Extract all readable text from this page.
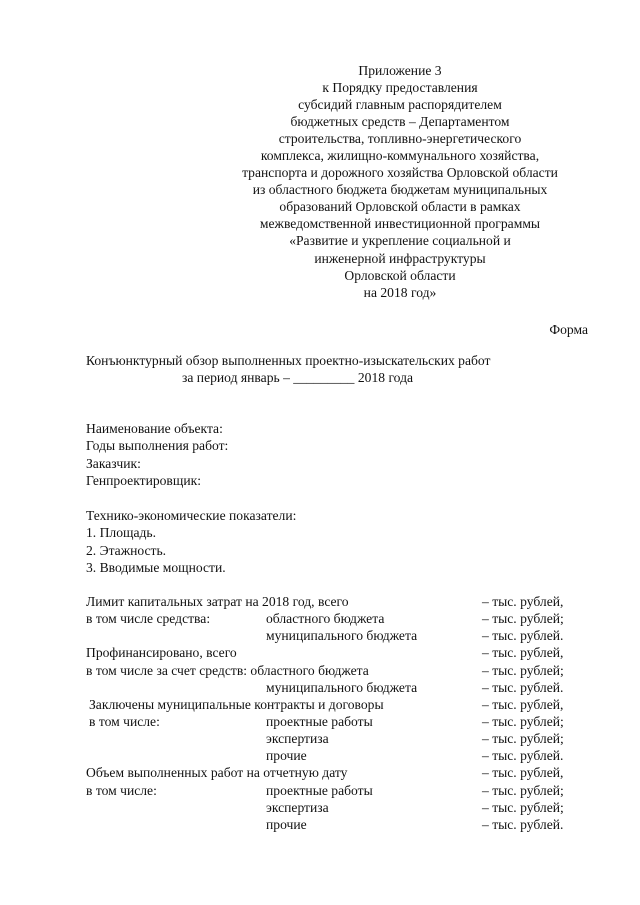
Приложение 3
к Порядку предоставления
субсидий главным распорядителем
бюджетных средств – Департаментом
строительства, топливно-энергетического
комплекса, жилищно-коммунального хозяйства,
транспорта и дорожного хозяйства Орловской области
из областного бюджета бюджетам муниципальных
образований Орловской области в рамках
межведомственной инвестиционной программы
«Развитие и укрепление социальной и
инженерной инфраструктуры
Орловской области
на 2018 год»
Форма
Конъюнктурный обзор выполненных проектно-изыскательских работ
за период январь – _________ 2018 года
Наименование объекта:
Годы выполнения работ:
Заказчик:
Генпроектировщик:
Технико-экономические показатели:
1. Площадь.
2. Этажность.
3. Вводимые мощности.
Лимит капитальных затрат на 2018 год, всего	– тыс. рублей,
в том числе средства:	областного бюджета	– тыс. рублей;
муниципального бюджета	– тыс. рублей.
Профинансировано, всего	– тыс. рублей,
в том числе за счет средств: областного бюджета	– тыс. рублей;
муниципального бюджета	– тыс. рублей.
Заключены муниципальные контракты и договоры	– тыс. рублей,
в том числе:	проектные работы	– тыс. рублей;
экспертиза	– тыс. рублей;
прочие	– тыс. рублей.
Объем выполненных работ на отчетную дату	– тыс. рублей,
в том числе:	проектные работы	– тыс. рублей;
экспертиза	– тыс. рублей;
прочие	– тыс. рублей.
